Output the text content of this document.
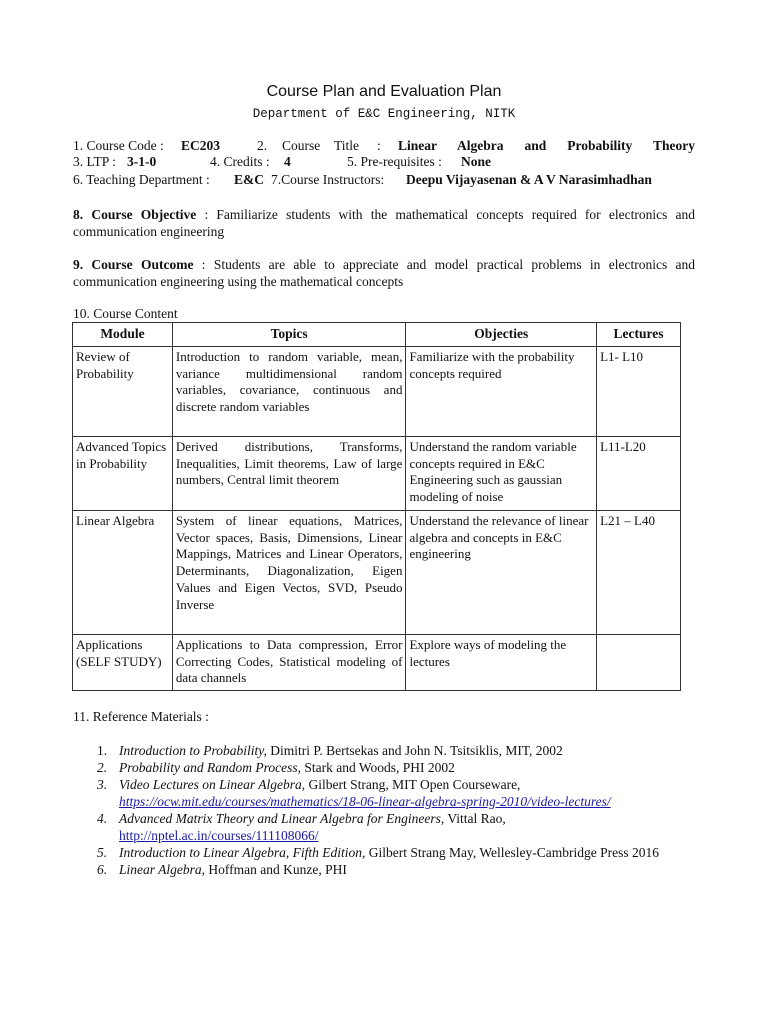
Course Plan and Evaluation Plan
Department of E&C Engineering, NITK
1. Course Code : EC203	2. Course Title : Linear Algebra and Probability Theory
3. LTP : 3-1-0	4. Credits : 4	5. Pre-requisites : None
6. Teaching Department : E&C 7.Course Instructors: Deepu Vijayasenan & A V Narasimhadhan
8. Course Objective : Familiarize students with the mathematical concepts required for electronics and communication engineering
9. Course Outcome : Students are able to appreciate and model practical problems in electronics and communication engineering using the mathematical concepts
10. Course Content
Module	Topics	Objecties	Lectures
Review of Probability	Introduction to random variable, mean, variance multidimensional random variables, covariance, continuous and discrete random variables	Familiarize with the probability concepts required	L1- L10
Advanced Topics in Probability	Derived distributions, Transforms, Inequalities, Limit theorems, Law of large numbers, Central limit theorem	Understand the random variable concepts required in E&C Engineering such as gaussian modeling of noise	L11-L20
Linear Algebra	System of linear equations, Matrices, Vector spaces, Basis, Dimensions, Linear Mappings, Matrices and Linear Operators, Determinants, Diagonalization, Eigen Values and Eigen Vectos, SVD, Pseudo Inverse	Understand the relevance of linear algebra and concepts in E&C engineering	L21 – L40
Applications (SELF STUDY)	Applications to Data compression, Error Correcting Codes, Statistical modeling of data channels	Explore ways of modeling the lectures	
11. Reference Materials :
1. Introduction to Probability, Dimitri P. Bertsekas and John N. Tsitsiklis, MIT, 2002
2. Probability and Random Process, Stark and Woods, PHI 2002
3. Video Lectures on Linear Algebra, Gilbert Strang, MIT Open Courseware,
https://ocw.mit.edu/courses/mathematics/18-06-linear-algebra-spring-2010/video-lectures/
4. Advanced Matrix Theory and Linear Algebra for Engineers, Vittal Rao,
http://nptel.ac.in/courses/111108066/
5. Introduction to Linear Algebra, Fifth Edition, Gilbert Strang May, Wellesley-Cambridge Press 2016
6. Linear Algebra, Hoffman and Kunze, PHI
